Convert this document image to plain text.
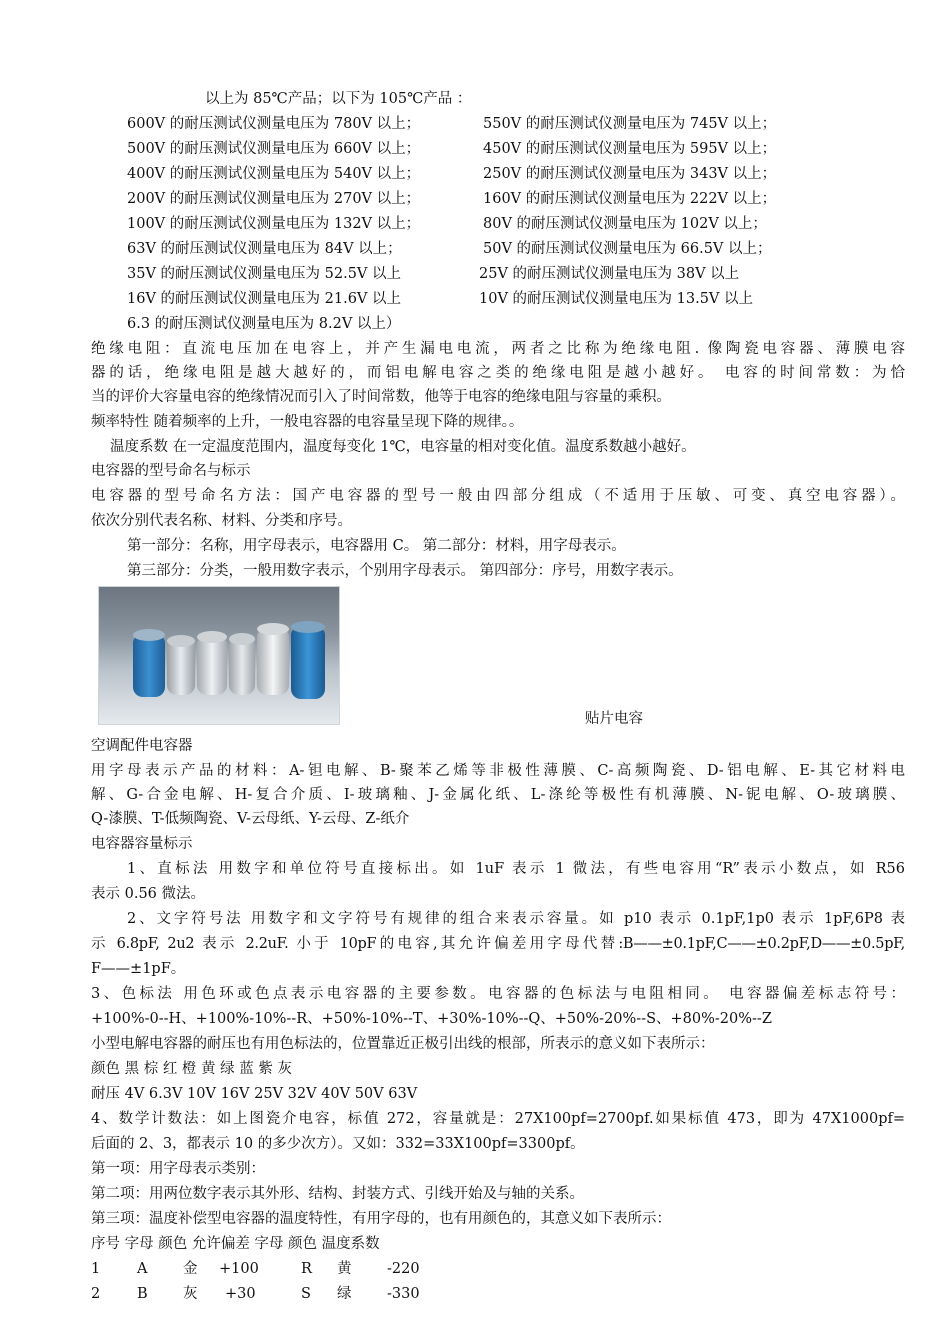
以上为 85℃产品；以下为 105℃产品 ：
600V 的耐压测试仪测量电压为 780V 以上；	550V 的耐压测试仪测量电压为 745V 以上；
500V 的耐压测试仪测量电压为 660V 以上；	450V 的耐压测试仪测量电压为 595V 以上；
400V 的耐压测试仪测量电压为 540V 以上；	250V 的耐压测试仪测量电压为 343V 以上；
200V 的耐压测试仪测量电压为 270V 以上；	160V 的耐压测试仪测量电压为 222V 以上；
100V 的耐压测试仪测量电压为 132V 以上；	80V 的耐压测试仪测量电压为 102V 以上；
63V 的耐压测试仪测量电压为 84V 以上；	50V 的耐压测试仪测量电压为 66.5V 以上；
35V 的耐压测试仪测量电压为 52.5V 以上	25V 的耐压测试仪测量电压为 38V 以上
16V 的耐压测试仪测量电压为 21.6V 以上	10V 的耐压测试仪测量电压为 13.5V 以上
6.3 的耐压测试仪测量电压为 8.2V 以上）
绝缘电阻：直流电压加在电容上，并产生漏电电流，两者之比称为绝缘电阻. 像陶瓷电容器、薄膜电容
器的话，绝缘电阻是越大越好的，而铝电解电容之类的绝缘电阻是越小越好。 电容的时间常数：为恰
当的评价大容量电容的绝缘情况而引入了时间常数，他等于电容的绝缘电阻与容量的乘积。
频率特性 随着频率的上升，一般电容器的电容量呈现下降的规律。。
温度系数 在一定温度范围内，温度每变化 1℃，电容量的相对变化值。温度系数越小越好。
电容器的型号命名与标示
电容器的型号命名方法：国产电容器的型号一般由四部分组成（不适用于压敏、可变、真空电容器）。
依次分别代表名称、材料、分类和序号。
第一部分：名称，用字母表示，电容器用 C。 第二部分：材料，用字母表示。
第三部分：分类，一般用数字表示，个别用字母表示。 第四部分：序号，用数字表示。
贴片电容
空调配件电容器
用字母表示产品的材料：A-钽电解、B-聚苯乙烯等非极性薄膜、C-高频陶瓷、D-铝电解、E-其它材料电
解、G-合金电解、H-复合介质、I-玻璃釉、J-金属化纸、L-涤纶等极性有机薄膜、N-铌电解、O-玻璃膜、
Q-漆膜、T-低频陶瓷、V-云母纸、Y-云母、Z-纸介
电容器容量标示
1、直标法 用数字和单位符号直接标出。如 1uF 表示 1 微法，有些电容用“R”表示小数点，如 R56
表示 0.56 微法。
2、文字符号法 用数字和文字符号有规律的组合来表示容量。如 p10 表示 0.1pF,1p0 表示 1pF,6P8 表
示 6.8pF, 2u2 表示 2.2uF. 小于 10pF的电容,其允许偏差用字母代替:B——±0.1pF,C——±0.2pF,D——±0.5pF,
F——±1pF。
3、色标法 用色环或色点表示电容器的主要参数。电容器的色标法与电阻相同。 电容器偏差标志符号：
+100%-0--H、+100%-10%--R、+50%-10%--T、+30%-10%--Q、+50%-20%--S、+80%-20%--Z
小型电解电容器的耐压也有用色标法的，位置靠近正极引出线的根部，所表示的意义如下表所示：
颜色 黑 棕 红 橙 黄 绿 蓝 紫 灰
耐压 4V 6.3V 10V 16V 25V 32V 40V 50V 63V
4、数学计数法：如上图瓷介电容，标值 272，容量就是：27X100pf=2700pf.如果标值 473，即为 47X1000pf=
后面的 2、3，都表示 10 的多少次方）。又如：332=33X100pf=3300pf。
第一项：用字母表示类别：
第二项：用两位数字表示其外形、结构、封装方式、引线开始及与轴的关系。
第三项：温度补偿型电容器的温度特性，有用字母的，也有用颜色的，其意义如下表所示：
序号 字母 颜色 允许偏差 字母 颜色 温度系数
1	A 金 +100	R 黄 -220
2	B 灰 +30	S 绿 -330
